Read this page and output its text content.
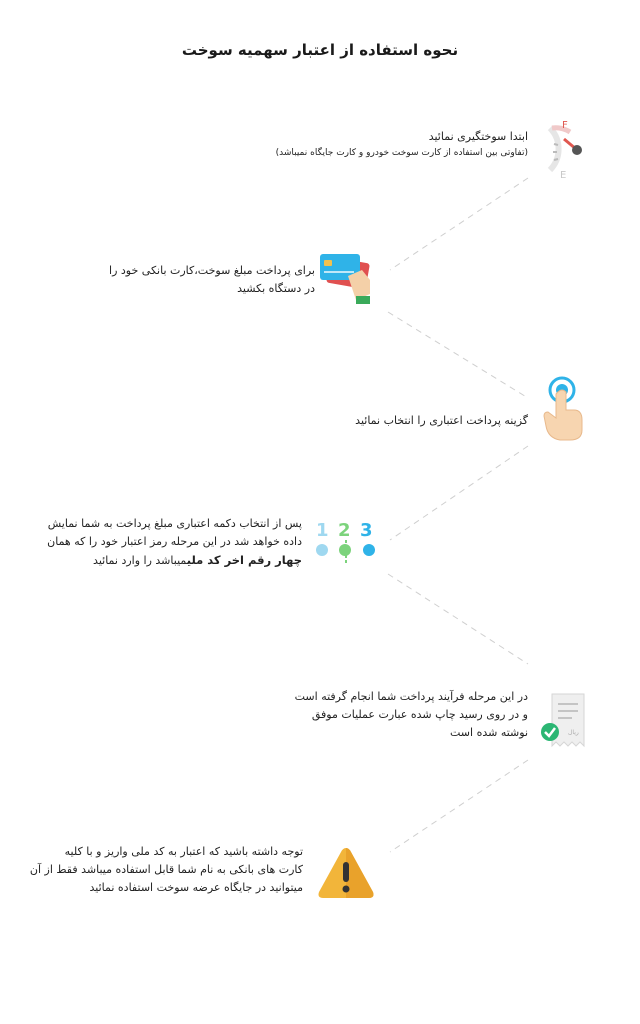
نحوه استفاده از اعتبار سهمیه سوخت
ابتدا سوختگیری نمائید
(تفاوتی بین استفاده از کارت سوخت خودرو و کارت جایگاه نمیباشد)
F
E
برای پرداخت مبلغ سوخت،کارت بانکی خود را
در دستگاه بکشید
گزینه پرداخت اعتباری را انتخاب نمائید
پس از انتخاب دکمه اعتباری مبلغ پرداخت به شما نمایش
داده خواهد شد در این مرحله رمز اعتبار خود را که همان
چهار رقم اخر کد ملیمیباشد را وارد نمائید
1 2 3
در این مرحله فرآیند پرداخت شما انجام گرفته است
و در روی رسید چاپ شده عبارت عملیات موفق
نوشته شده است	ریال
توجه داشته باشید که اعتبار به کد ملی واریز و با کلیه
کارت های بانکی به نام شما قابل استفاده میباشد فقط از آن
میتوانید در جایگاه عرضه سوخت استفاده نمائید
